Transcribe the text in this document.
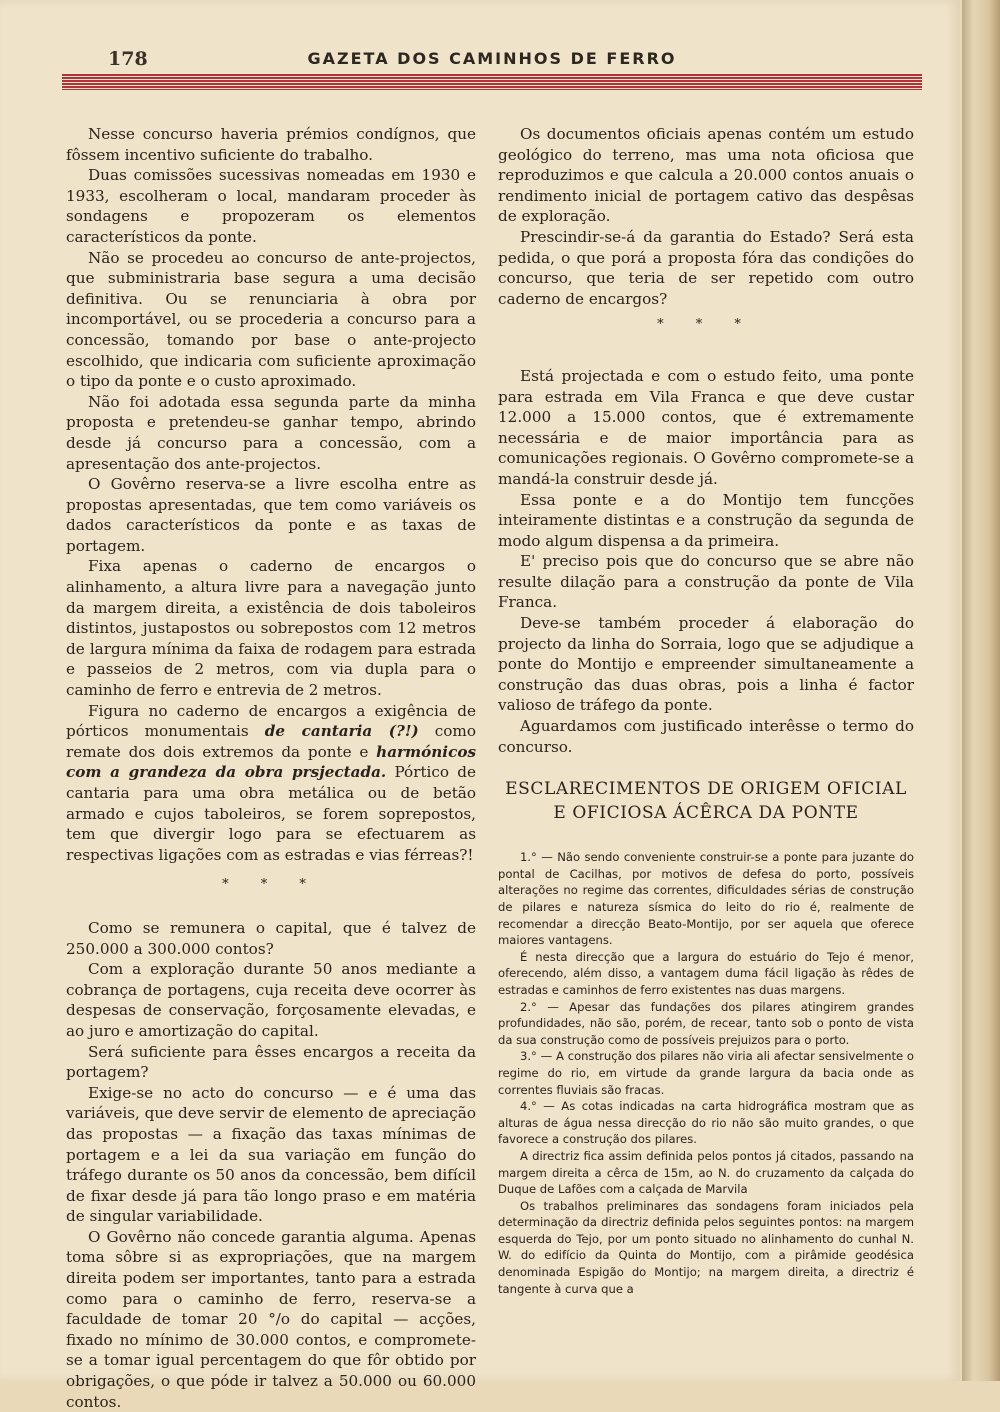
178	GAZETA DOS CAMINHOS DE FERRO

Nesse concurso haveria prémios condígnos, que fôssem incentivo suficiente do trabalho.

Duas comissões sucessivas nomeadas em 1930 e 1933, escolheram o local, mandaram proceder às sondagens e propozeram os elementos característicos da ponte.

Não se procedeu ao concurso de ante-projectos, que subministraria base segura a uma decisão definitiva. Ou se renunciaria à obra por incomportável, ou se procederia a concurso para a concessão, tomando por base o ante-projecto escolhido, que indicaria com suficiente aproximação o tipo da ponte e o custo aproximado.

Não foi adotada essa segunda parte da minha proposta e pretendeu-se ganhar tempo, abrindo desde já concurso para a concessão, com a apresentação dos ante-projectos.

O Govêrno reserva-se a livre escolha entre as propostas apresentadas, que tem como variáveis os dados característicos da ponte e as taxas de portagem.

Fixa apenas o caderno de encargos o alinhamento, a altura livre para a navegação junto da margem direita, a existência de dois taboleiros distintos, justapostos ou sobrepostos com 12 metros de largura mínima da faixa de rodagem para estrada e passeios de 2 metros, com via dupla para o caminho de ferro e entrevia de 2 metros.

Figura no caderno de encargos a exigência de pórticos monumentais de cantaria (?!) como remate dos dois extremos da ponte e harmónicos com a grandeza da obra prsjectada. Pórtico de cantaria para uma obra metálica ou de betão armado e cujos taboleiros, se forem soprepostos, tem que divergir logo para se efectuarem as respectivas ligações com as estradas e vias férreas?!

* * *

Como se remunera o capital, que é talvez de 250.000 a 300.000 contos?

Com a exploração durante 50 anos mediante a cobrança de portagens, cuja receita deve ocorrer às despesas de conservação, forçosamente elevadas, e ao juro e amortização do capital.

Será suficiente para êsses encargos a receita da portagem?

Exige-se no acto do concurso — e é uma das variáveis, que deve servir de elemento de apreciação das propostas — a fixação das taxas mínimas de portagem e a lei da sua variação em função do tráfego durante os 50 anos da concessão, bem difícil de fixar desde já para tão longo praso e em matéria de singular variabilidade.

O Govêrno não concede garantia alguma. Apenas toma sôbre si as expropriações, que na margem direita podem ser importantes, tanto para a estrada como para o caminho de ferro, reserva-se a faculdade de tomar 20 °/o do capital — acções, fixado no mínimo de 30.000 contos, e compromete-se a tomar igual percentagem do que fôr obtido por obrigações, o que póde ir talvez a 50.000 ou 60.000 contos.

Os documentos oficiais apenas contém um estudo geológico do terreno, mas uma nota oficiosa que reproduzimos e que calcula a 20.000 contos anuais o rendimento inicial de portagem cativo das despêsas de exploração.

Prescindir-se-á da garantia do Estado? Será esta pedida, o que porá a proposta fóra das condições do concurso, que teria de ser repetido com outro caderno de encargos?

* * *

Está projectada e com o estudo feito, uma ponte para estrada em Vila Franca e que deve custar 12.000 a 15.000 contos, que é extremamente necessária e de maior importância para as comunicações regionais. O Govêrno compromete-se a mandá-la construir desde já.

Essa ponte e a do Montijo tem funcções inteiramente distintas e a construção da segunda de modo algum dispensa a da primeira.

E' preciso pois que do concurso que se abre não resulte dilação para a construção da ponte de Vila Franca.

Deve-se também proceder á elaboração do projecto da linha do Sorraia, logo que se adjudique a ponte do Montijo e empreender simultaneamente a construção das duas obras, pois a linha é factor valioso de tráfego da ponte.

Aguardamos com justificado interêsse o termo do concurso.

ESCLARECIMENTOS DE ORIGEM OFICIAL
E OFICIOSA ÁCÊRCA DA PONTE

1.° — Não sendo conveniente construir-se a ponte para juzante do pontal de Cacilhas, por motivos de defesa do porto, possíveis alterações no regime das correntes, dificuldades sérias de construção de pilares e natureza sísmica do leito do rio é, realmente de recomendar a direcção Beato-Montijo, por ser aquela que oferece maiores vantagens.

É nesta direcção que a largura do estuário do Tejo é menor, oferecendo, além disso, a vantagem duma fácil ligação às rêdes de estradas e caminhos de ferro existentes nas duas margens.

2.° — Apesar das fundações dos pilares atingirem grandes profundidades, não são, porém, de recear, tanto sob o ponto de vista da sua construção como de possíveis prejuizos para o porto.

3.° — A construção dos pilares não viria ali afectar sensivelmente o regime do rio, em virtude da grande largura da bacia onde as correntes fluviais são fracas.

4.° — As cotas indicadas na carta hidrográfica mostram que as alturas de água nessa direcção do rio não são muito grandes, o que favorece a construção dos pilares.

A directriz fica assim definida pelos pontos já citados, passando na margem direita a cêrca de 15m, ao N. do cruzamento da calçada do Duque de Lafões com a calçada de Marvila

Os trabalhos preliminares das sondagens foram iniciados pela determinação da directriz definida pelos seguintes pontos: na margem esquerda do Tejo, por um ponto situado no alinhamento do cunhal N. W. do edifício da Quinta do Montijo, com a pirâmide geodésica denominada Espigão do Montijo; na margem direita, a directriz é tangente à curva que a
